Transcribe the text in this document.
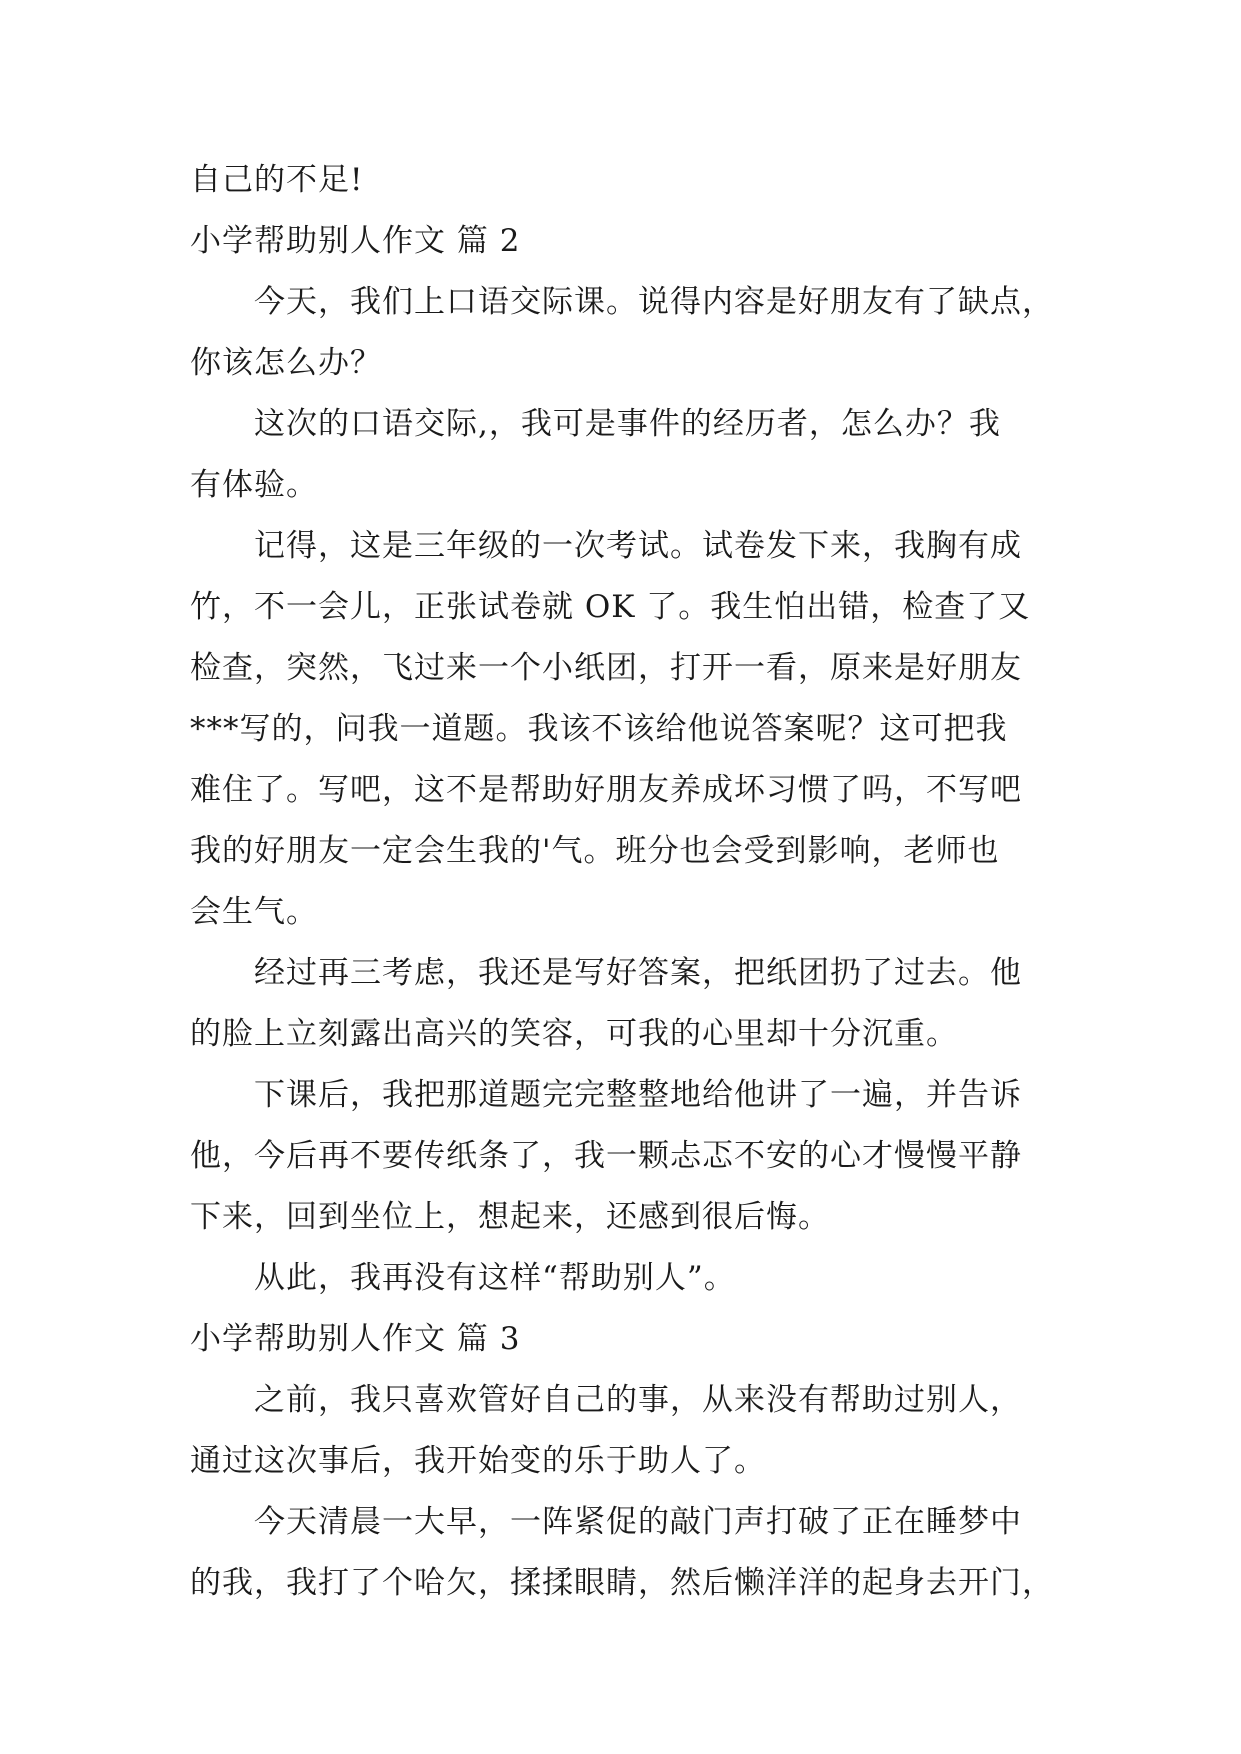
自己的不足!
小学帮助别人作文 篇 2
今天，我们上口语交际课。说得内容是好朋友有了缺点，
你该怎么办？
这次的口语交际,，我可是事件的经历者，怎么办？我
有体验。
记得，这是三年级的一次考试。试卷发下来，我胸有成
竹，不一会儿，正张试卷就 OK 了。我生怕出错，检查了又
检查，突然，飞过来一个小纸团，打开一看，原来是好朋友
***写的，问我一道题。我该不该给他说答案呢？这可把我
难住了。写吧，这不是帮助好朋友养成坏习惯了吗，不写吧
我的好朋友一定会生我的'气。班分也会受到影响，老师也
会生气。
经过再三考虑，我还是写好答案，把纸团扔了过去。他
的脸上立刻露出高兴的笑容，可我的心里却十分沉重。
下课后，我把那道题完完整整地给他讲了一遍，并告诉
他，今后再不要传纸条了，我一颗忐忑不安的心才慢慢平静
下来，回到坐位上，想起来，还感到很后悔。
从此，我再没有这样“帮助别人”。
小学帮助别人作文 篇 3
之前，我只喜欢管好自己的事，从来没有帮助过别人，
通过这次事后，我开始变的乐于助人了。
今天清晨一大早，一阵紧促的敲门声打破了正在睡梦中
的我，我打了个哈欠，揉揉眼睛，然后懒洋洋的起身去开门，
